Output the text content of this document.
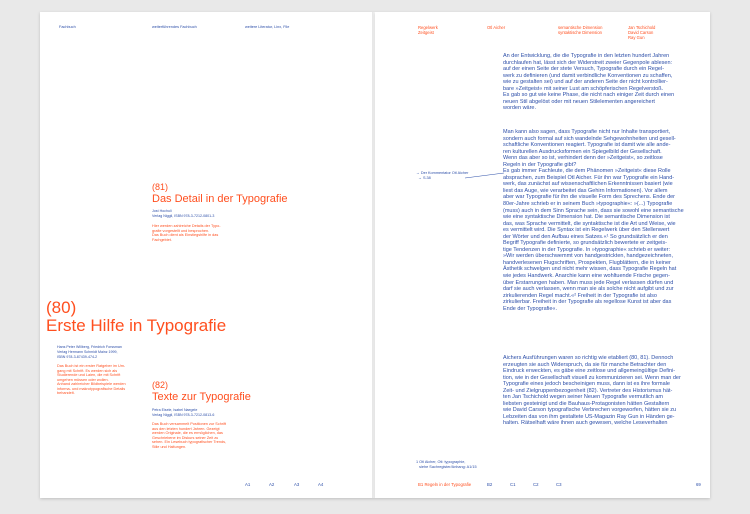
Fachbuch	weiterführendes Fachbuch	weitere Literatur, Linx, File
(81)
Das Detail in der Typografie
Jost Hochuli
Verlag Niggli, ISBN 978-3-7212-0801-3
Hier werden zahlreiche Details der Typo-
grafie vorgestellt und besprochen.
Das Buch dient als Einstiegshilfe in das
Fachgebiet.
(80)
Erste Hilfe in Typografie
Hans Peter Willberg, Friedrich Forssman
Verlag Hermann Schmidt Mainz 1999,
ISBN 978-3-87439-474-2
Das Buch ist ein erster Ratgeber im Um-
gang mit Schrift. Es werden sich als
Studierende und Laien, die mit Schrift
umgehen müssen oder wollen.
Anhand zahlreicher Bildbeispiele werden
informa- und makrotypografische Details
behandelt.
(82)
Texte zur Typografie
Petra Eisele, Isabel Naegele
Verlag Niggli, ISBN 978-3-7212-0813-6
Das Buch versammelt Positionen zur Schrift
aus den letzten hundert Jahren. Gezeigt
werden Originale, die es ermöglichen, das
Geschriebene im Diskurs seiner Zeit zu
sehen. Ein Lesebuch typografischer Trends,
Stile und Haltungen.
A1	A2	A3	A4
Regelwerk
Zeitgeist
Otl Aicher	semantische Dimension
syntaktische Dimension
Jan Tschichold
David Carson
Ray Gun
An der Entwicklung, die die Typografie in den letzten hundert Jahren
durchlaufen hat, lässt sich der Widerstreit zweier Gegenpole ablesen:
auf der einen Seite der stete Versuch, Typografie durch ein Regel-
werk zu definieren (und damit verbindliche Konventionen zu schaffen,
wie zu gestalten sei) und auf der anderen Seite der nicht kontrollier-
bare »Zeitgeist« mit seiner Lust am schöpferischen Regelverstoß.
Es gab so gut wie keine Phase, die nicht nach einiger Zeit durch einen
neuen Stil abgelöst oder mit neuen Stilelementen angereichert
worden wäre.
Man kann also sagen, dass Typografie nicht nur Inhalte transportiert,
sondern auch formal auf sich wandelnde Sehgewohnheiten und gesell-
schaftliche Konventionen reagiert. Typografie ist damit wie alle ande-
ren kulturellen Ausdrucksformen ein Spiegelbild der Gesellschaft.
Wenn das aber so ist, verhindert denn der »Zeitgeist«, so zeitlose
Regeln in der Typografie gibt?
Es gab immer Fachleute, die dem Phänomen »Zeitgeist« diese Rolle
absprachen, zum Beispiel Otl Aicher. Für ihn war Typografie ein Hand-
werk, das zunächst auf wissenschaftlichen Erkenntnissen basiert (wie
liest das Auge, wie verarbeitet das Gehirn Informationen). Vor allem
aber war Typografie für ihn die visuelle Form des Sprechens. Ende der
80er-Jahre schrieb er in seinem Buch »typographie«: »(...) Typografie
(muss) auch in dem Sinn Sprache sein, dass sie sowohl eine semantische
wie eine syntaktische Dimension hat. Die semantische Dimension ist
das, was Sprache vermittelt, die syntaktische ist die Art und Weise, wie
es vermittelt wird. Die Syntax ist ein Regelwerk über den Stellenwert
der Wörter und den Aufbau eines Satzes.«¹ So grundsätzlich er den
Begriff Typografie definierte, so grundsätzlich bewertete er zeitgeis-
tige Tendenzen in der Typografie. In »typographie« schrieb er weiter:
»Wir werden überschwemmt von handgestrickten, handgezeichneten,
handverlesenen Flugschriften, Prospekten, Flugblättern, die in keiner
Ästhetik schwelgen und nicht mehr wissen, dass Typografie Regeln hat
wie jedes Handwerk. Anarchie kann eine wohltuende Frische gegen-
über Erstarrungen haben. Man muss jede Regel verlassen dürfen und
darf sie auch verlassen, wenn man sie als solche nicht aufgibt und zur
zirkulierenden Regel macht.«² Freiheit in der Typografie ist also
zirkulierbar. Freiheit in der Typografie als regellose Kunst ist aber das
Ende der Typografie«.
Aichers Ausführungen waren so richtig wie etabliert (80, 81). Dennoch
erzeugten sie auch Widerspruch, da sie für manche Betrachter den
Eindruck erweckten, es gäbe eine zeitlose und allgemeingültige Defini-
tion, wie in der Gesellschaft visuell zu kommunizieren sei. Wenn man der
Typografie eines jedoch bescheinigen muss, dann ist es ihre formale
Zeit- und Zielgruppenbezogenheit (82). Vertreter des Historismus hät-
ten Jan Tschichold wegen seiner Neuen Typografie vermutlich am
liebsten gesteinigt und die Bauhaus-Protagonisten hätten Gestaltern
wie David Carson typografische Verbrechen vorgeworfen, hätten sie zu
Lebzeiten das von ihm gestaltete US-Magazin Ray Gun in Händen ge-
halten. Rätselhaft wäre ihnen auch gewesen, welche Leseverhalten
→ Der Kommentator Otl Aicher
→ S.38
1 Otl Aicher, Otl: typographie,
siehe Sachregister/Anhang: A1/15
B1 Regeln in der Typografie	B2	C1	C2	C3	69
